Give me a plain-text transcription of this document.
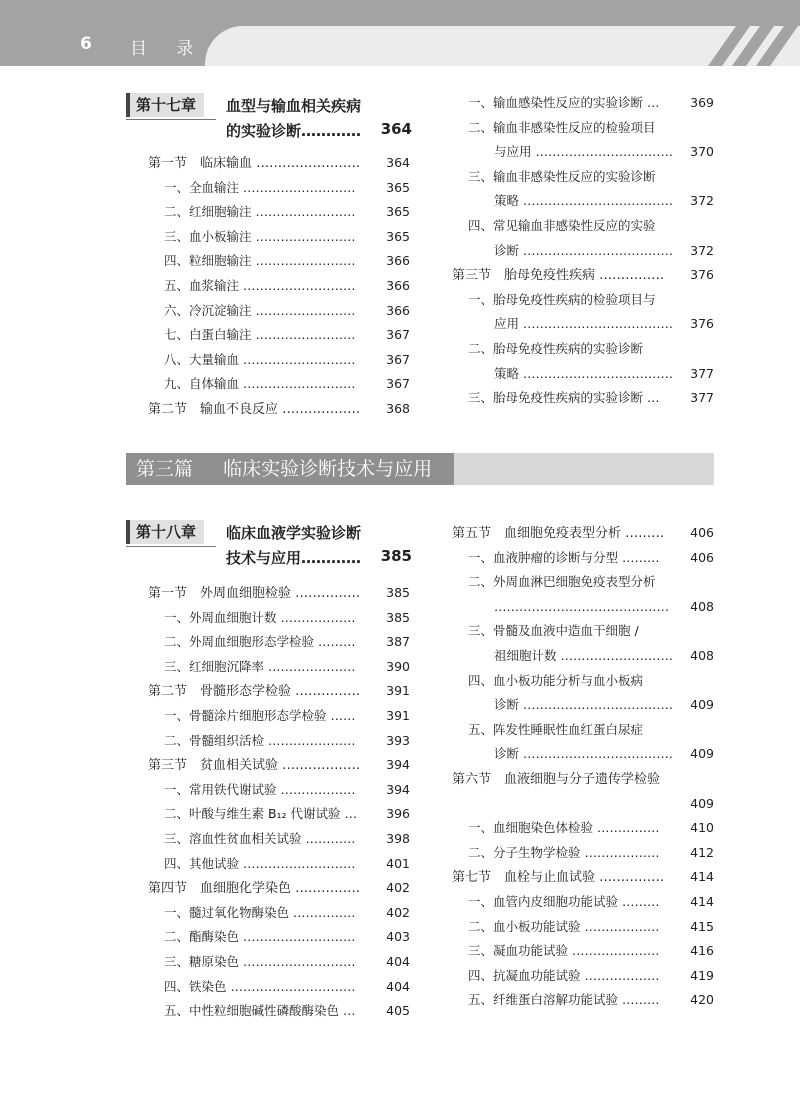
6 目 录
第十七章	血型与输血相关疾病
的实验诊断………… 364
第一节　临床输血 …………………… 364
一、全血输注 ……………………… 365
二、红细胞输注 …………………… 365
三、血小板输注 …………………… 365
四、粒细胞输注 …………………… 366
五、血浆输注 ……………………… 366
六、冷沉淀输注 …………………… 366
七、白蛋白输注 …………………… 367
八、大量输血 ……………………… 367
九、自体输血 ……………………… 367
第二节　输血不良反应 ……………… 368
一、输血感染性反应的实验诊断 … 369
二、输血非感染性反应的检验项目
与应用 …………………………… 370
三、输血非感染性反应的实验诊断
策略 ……………………………… 372
四、常见输血非感染性反应的实验
诊断 ……………………………… 372
第三节　胎母免疫性疾病 …………… 376
一、胎母免疫性疾病的检验项目与
应用 ……………………………… 376
二、胎母免疫性疾病的实验诊断
策略 ……………………………… 377
三、胎母免疫性疾病的实验诊断 … 377
第三篇 临床实验诊断技术与应用
第十八章	临床血液学实验诊断
技术与应用………… 385
第一节　外周血细胞检验 …………… 385
一、外周血细胞计数 ……………… 385
二、外周血细胞形态学检验 ……… 387
三、红细胞沉降率 ………………… 390
第二节　骨髓形态学检验 …………… 391
一、骨髓涂片细胞形态学检验 …… 391
二、骨髓组织活检 ………………… 393
第三节　贫血相关试验 ……………… 394
一、常用铁代谢试验 ……………… 394
二、叶酸与维生素 B₁₂ 代谢试验 … 396
三、溶血性贫血相关试验 ………… 398
四、其他试验 ……………………… 401
第四节　血细胞化学染色 …………… 402
一、髓过氧化物酶染色 …………… 402
二、酯酶染色 ……………………… 403
三、糖原染色 ……………………… 404
四、铁染色 ………………………… 404
五、中性粒细胞碱性磷酸酶染色 … 405
第五节　血细胞免疫表型分析 ……… 406
一、血液肿瘤的诊断与分型 ……… 406
二、外周血淋巴细胞免疫表型分析
…………………………………… 408
三、骨髓及血液中造血干细胞 /
祖细胞计数 ……………………… 408
四、血小板功能分析与血小板病
诊断 ……………………………… 409
五、阵发性睡眠性血红蛋白尿症
诊断 ……………………………… 409
第六节　血液细胞与分子遗传学检验
409
一、血细胞染色体检验 …………… 410
二、分子生物学检验 ……………… 412
第七节　血栓与止血试验 …………… 414
一、血管内皮细胞功能试验 ……… 414
二、血小板功能试验 ……………… 415
三、凝血功能试验 ………………… 416
四、抗凝血功能试验 ……………… 419
五、纤维蛋白溶解功能试验 ……… 420
